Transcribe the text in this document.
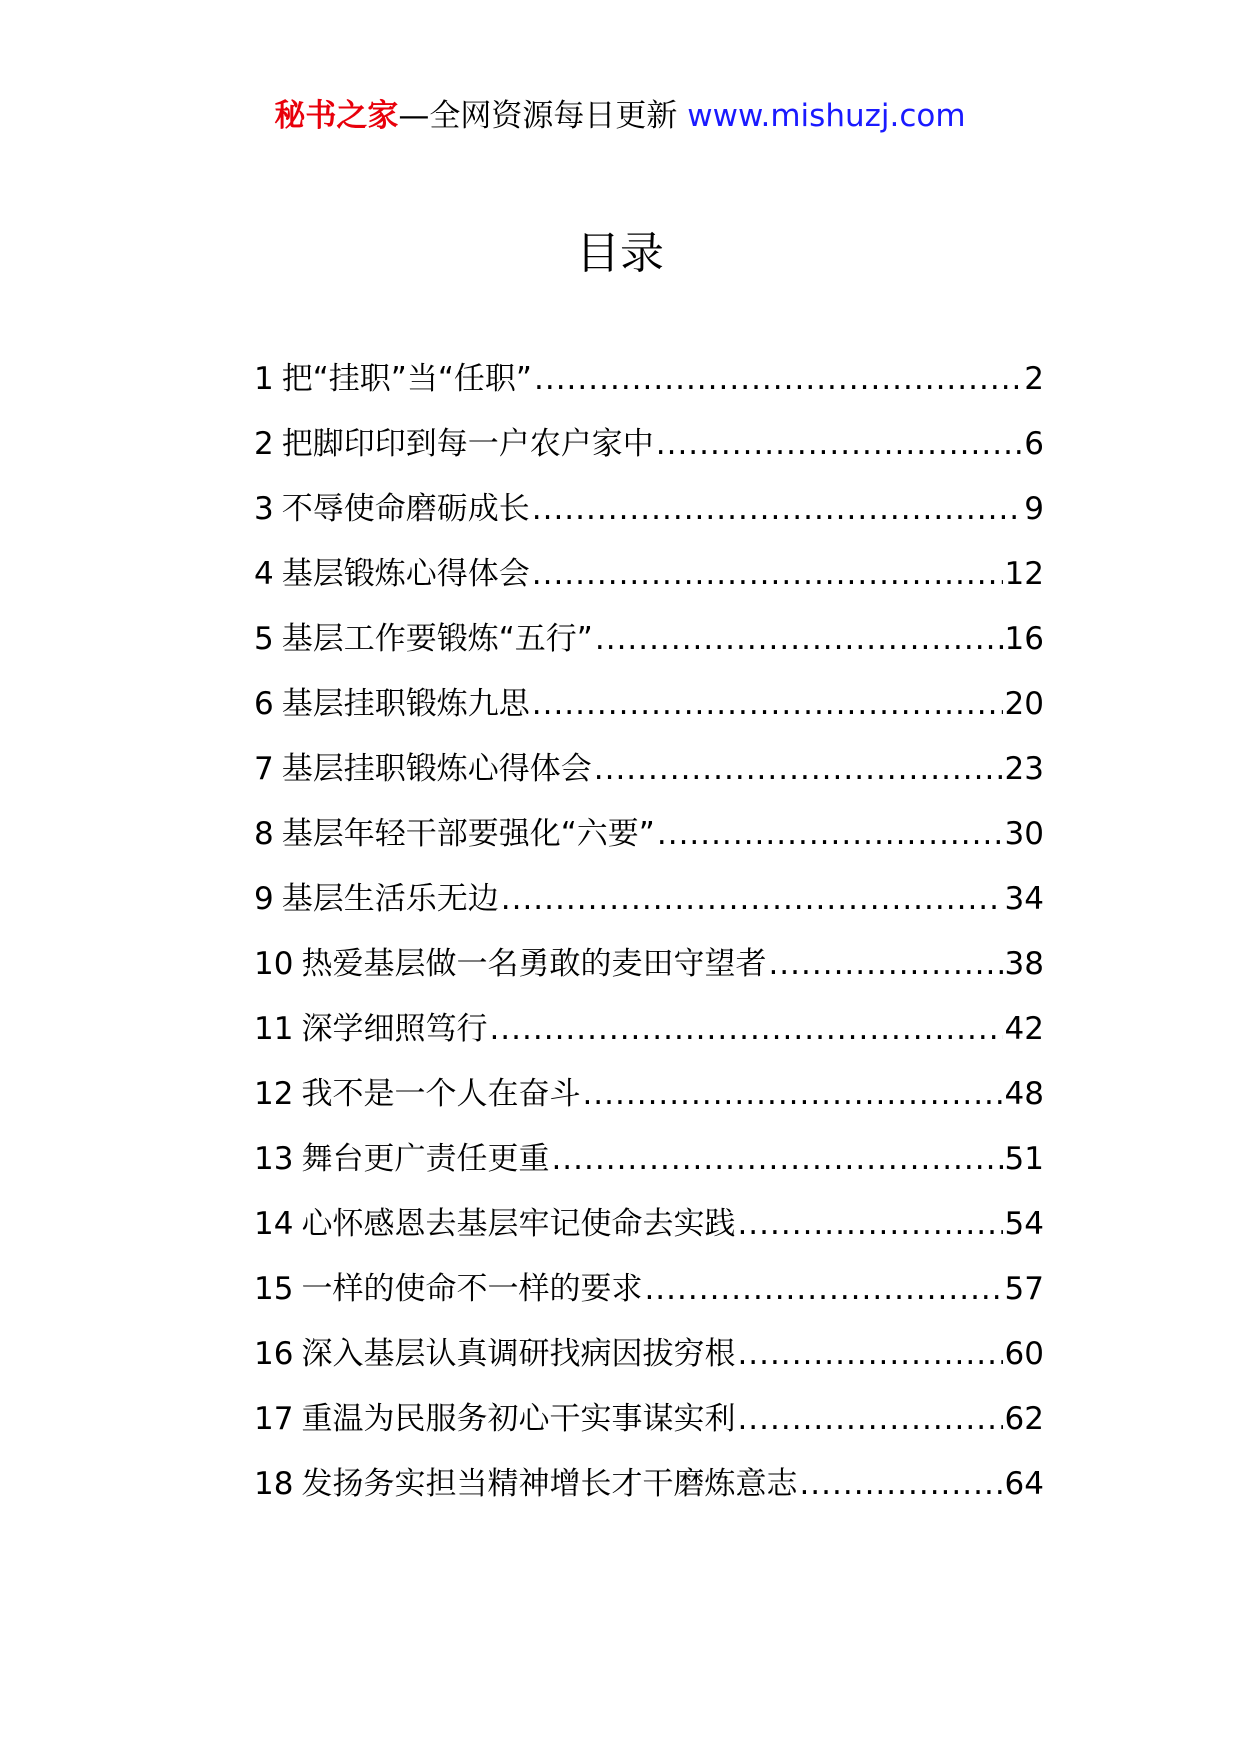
秘书之家—全网资源每日更新 www.mishuzj.com
目录
1 把“挂职”当“任职” .....	2
2 把脚印印到每一户农户家中 .....	6
3 不辱使命磨砺成长 .....	9
4 基层锻炼心得体会 .....	12
5 基层工作要锻炼“五行” .....	16
6 基层挂职锻炼九思 .....	20
7 基层挂职锻炼心得体会 .....	23
8 基层年轻干部要强化“六要” .....	30
9 基层生活乐无边 .....	34
10 热爱基层做一名勇敢的麦田守望者 .....	38
11 深学细照笃行 .....	42
12 我不是一个人在奋斗 .....	48
13 舞台更广责任更重 .....	51
14 心怀感恩去基层牢记使命去实践 .....	54
15 一样的使命不一样的要求 .....	57
16 深入基层认真调研找病因拔穷根 .....	60
17 重温为民服务初心干实事谋实利 .....	62
18 发扬务实担当精神增长才干磨炼意志 .....	64
